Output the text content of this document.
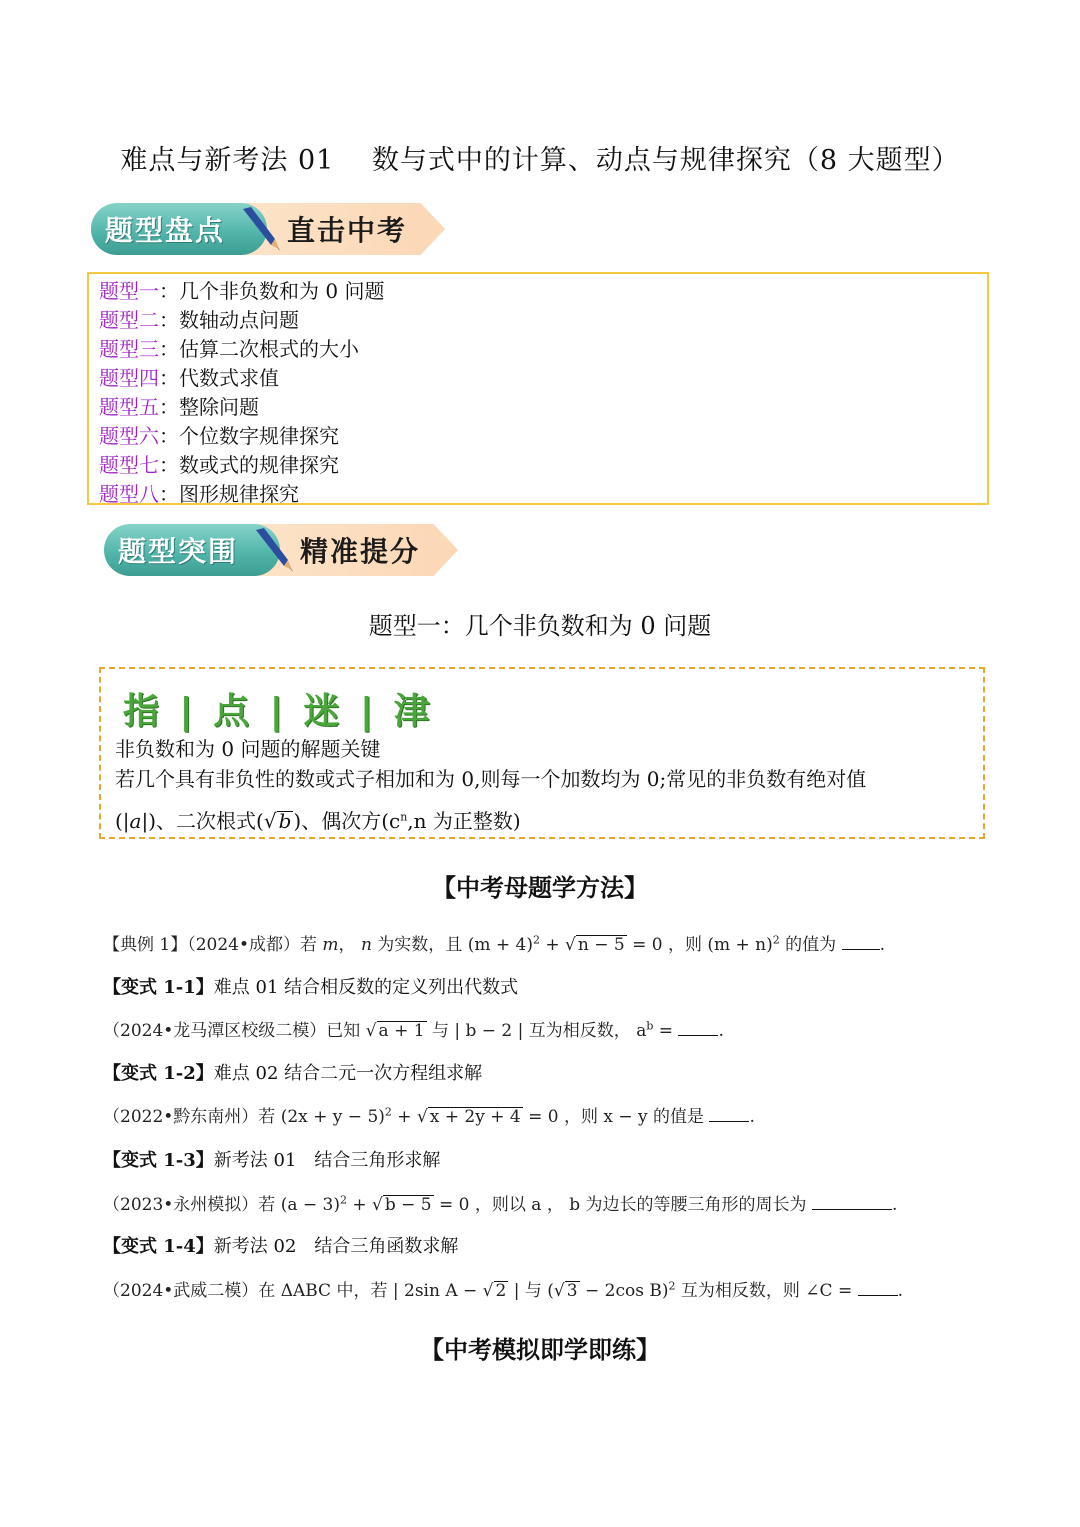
难点与新考法 01　 数与式中的计算、动点与规律探究（8 大题型）
题型盘点 直击中考
题型一：几个非负数和为 0 问题
题型二：数轴动点问题
题型三：估算二次根式的大小
题型四：代数式求值
题型五：整除问题
题型六：个位数字规律探究
题型七：数或式的规律探究
题型八：图形规律探究
题型突围 精准提分
题型一：几个非负数和为 0 问题
指 | 点 | 迷 | 津
非负数和为 0 问题的解题关键
若几个具有非负性的数或式子相加和为 0,则每一个加数均为 0;常见的非负数有绝对值
(|a|)、二次根式(√ b )、偶次方($c^n,n$ 为正整数)
【中考母题学方法】
【典例 1】（2024•成都）若 m， n 为实数，且 $(m + 4)^2$ + √ n − 5 = 0 ，则 $(m + n)^2$ 的值为	.
【变式 1-1】难点 01 结合相反数的定义列出代数式
（2024•龙马潭区校级二模）已知 √ a + 1 与 | b − 2 | 互为相反数， $a^b$ =	.
【变式 1-2】难点 02 结合二元一次方程组求解
（2022•黔东南州）若 $(2x + y - 5)^2$ + √ x + 2y + 4 = 0 ，则 x − y 的值是	.
【变式 1-3】新考法 01　结合三角形求解
（2023•永州模拟）若 $(a - 3)^2$ + √ b − 5 = 0 ，则以 a ， b 为边长的等腰三角形的周长为	.
【变式 1-4】新考法 02　结合三角函数求解
（2024•武威二模）在 ΔABC 中，若 | 2sin A − √ 2 | 与 (√ 3 − 2cos B)$^2$ 互为相反数，则 ∠C =	.
【中考模拟即学即练】
